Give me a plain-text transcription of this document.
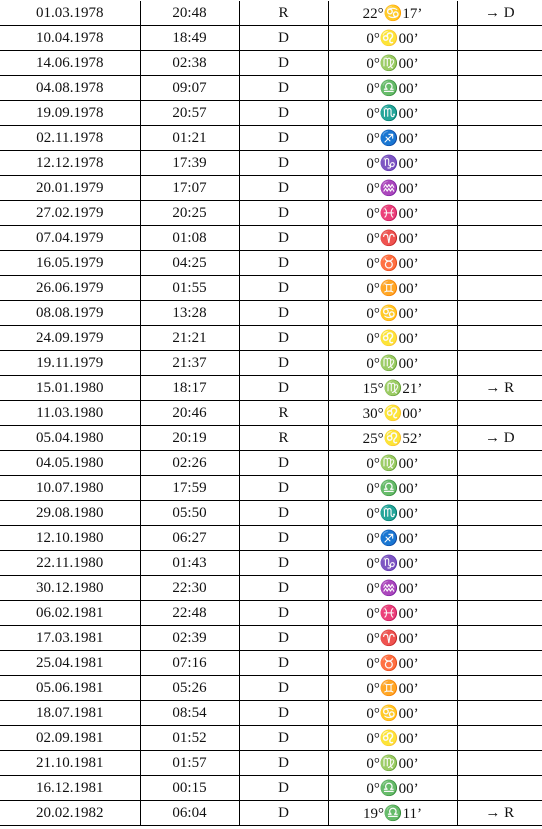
01.03.1978	20:48	R	22°♋17’	→ D
10.04.1978	18:49	D	0°♌00’	
14.06.1978	02:38	D	0°♍00’	
04.08.1978	09:07	D	0°♎00’	
19.09.1978	20:57	D	0°♏00’	
02.11.1978	01:21	D	0°♐00’	
12.12.1978	17:39	D	0°♑00’	
20.01.1979	17:07	D	0°♒00’	
27.02.1979	20:25	D	0°♓00’	
07.04.1979	01:08	D	0°♈00’	
16.05.1979	04:25	D	0°♉00’	
26.06.1979	01:55	D	0°♊00’	
08.08.1979	13:28	D	0°♋00’	
24.09.1979	21:21	D	0°♌00’	
19.11.1979	21:37	D	0°♍00’	
15.01.1980	18:17	D	15°♍21’	→ R
11.03.1980	20:46	R	30°♌00’	
05.04.1980	20:19	R	25°♌52’	→ D
04.05.1980	02:26	D	0°♍00’	
10.07.1980	17:59	D	0°♎00’	
29.08.1980	05:50	D	0°♏00’	
12.10.1980	06:27	D	0°♐00’	
22.11.1980	01:43	D	0°♑00’	
30.12.1980	22:30	D	0°♒00’	
06.02.1981	22:48	D	0°♓00’	
17.03.1981	02:39	D	0°♈00’	
25.04.1981	07:16	D	0°♉00’	
05.06.1981	05:26	D	0°♊00’	
18.07.1981	08:54	D	0°♋00’	
02.09.1981	01:52	D	0°♌00’	
21.10.1981	01:57	D	0°♍00’	
16.12.1981	00:15	D	0°♎00’	
20.02.1982	06:04	D	19°♎11’	→ R
